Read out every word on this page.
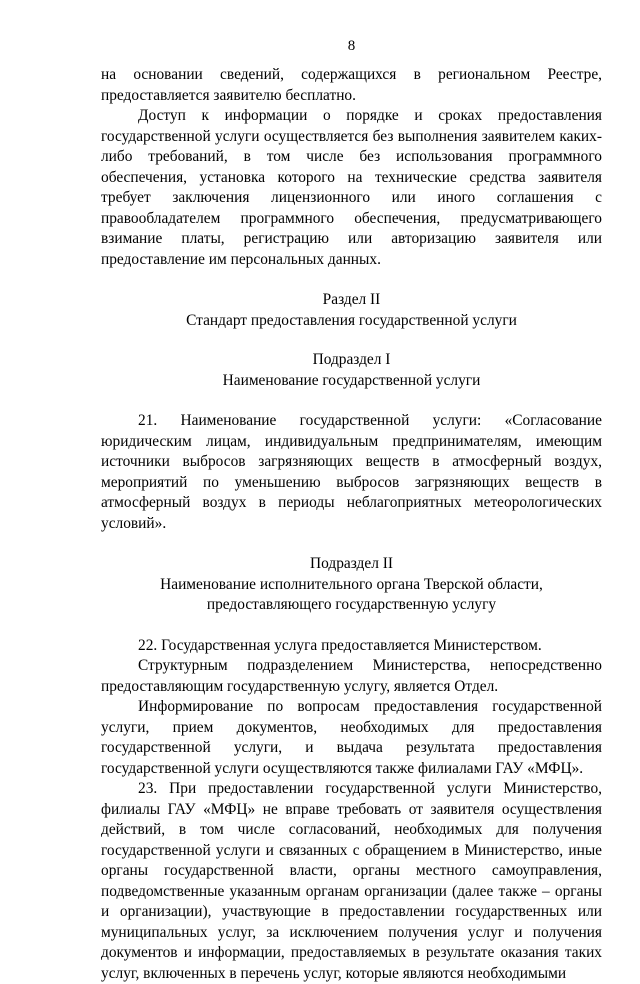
8

на основании сведений, содержащихся в региональном Реестре, предоставляется заявителю бесплатно.

Доступ к информации о порядке и сроках предоставления государственной услуги осуществляется без выполнения заявителем каких-либо требований, в том числе без использования программного обеспечения, установка которого на технические средства заявителя требует заключения лицензионного или иного соглашения с правообладателем программного обеспечения, предусматривающего взимание платы, регистрацию или авторизацию заявителя или предоставление им персональных данных.

Раздел II
Стандарт предоставления государственной услуги
Подраздел I
Наименование государственной услуги

21. Наименование государственной услуги: «Согласование юридическим лицам, индивидуальным предпринимателям, имеющим источники выбросов загрязняющих веществ в атмосферный воздух, мероприятий по уменьшению выбросов загрязняющих веществ в атмосферный воздух в периоды неблагоприятных метеорологических условий».

Подраздел II
Наименование исполнительного органа Тверской области,
предоставляющего государственную услугу

22. Государственная услуга предоставляется Министерством.

Структурным подразделением Министерства, непосредственно предоставляющим государственную услугу, является Отдел.

Информирование по вопросам предоставления государственной услуги, прием документов, необходимых для предоставления государственной услуги, и выдача результата предоставления государственной услуги осуществляются также филиалами ГАУ «МФЦ».

23. При предоставлении государственной услуги Министерство, филиалы ГАУ «МФЦ» не вправе требовать от заявителя осуществления действий, в том числе согласований, необходимых для получения государственной услуги и связанных с обращением в Министерство, иные органы государственной власти, органы местного самоуправления, подведомственные указанным органам организации (далее также – органы и организации), участвующие в предоставлении государственных или муниципальных услуг, за исключением получения услуг и получения документов и информации, предоставляемых в результате оказания таких услуг, включенных в перечень услуг, которые являются необходимыми
